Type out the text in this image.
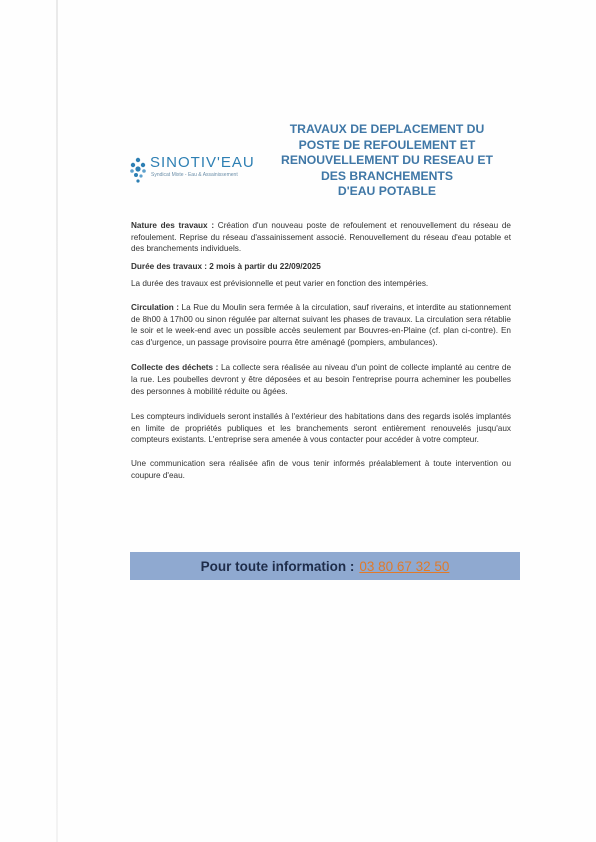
SINOTIV'EAU
Syndicat Mixte - Eau & Assainissement
TRAVAUX DE DEPLACEMENT DU
POSTE DE REFOULEMENT ET
RENOUVELLEMENT DU RESEAU ET
DES BRANCHEMENTS
D'EAU POTABLE

Nature des travaux : Création d'un nouveau poste de refoulement et renouvellement du réseau de refoulement. Reprise du réseau d'assainissement associé. Renouvellement du réseau d'eau potable et des branchements individuels.

Durée des travaux : 2 mois à partir du 22/09/2025

La durée des travaux est prévisionnelle et peut varier en fonction des intempéries.

Circulation : La Rue du Moulin sera fermée à la circulation, sauf riverains, et interdite au stationnement de 8h00 à 17h00 ou sinon régulée par alternat suivant les phases de travaux. La circulation sera rétablie le soir et le week-end avec un possible accès seulement par Bouvres-en-Plaine (cf. plan ci-contre). En cas d'urgence, un passage provisoire pourra être aménagé (pompiers, ambulances).

Collecte des déchets : La collecte sera réalisée au niveau d'un point de collecte implanté au centre de la rue. Les poubelles devront y être déposées et au besoin l'entreprise pourra acheminer les poubelles des personnes à mobilité réduite ou âgées.

Les compteurs individuels seront installés à l'extérieur des habitations dans des regards isolés implantés en limite de propriétés publiques et les branchements seront entièrement renouvelés jusqu'aux compteurs existants. L'entreprise sera amenée à vous contacter pour accéder à votre compteur.

Une communication sera réalisée afin de vous tenir informés préalablement à toute intervention ou coupure d'eau.

Pour toute information : 03 80 67 32 50
